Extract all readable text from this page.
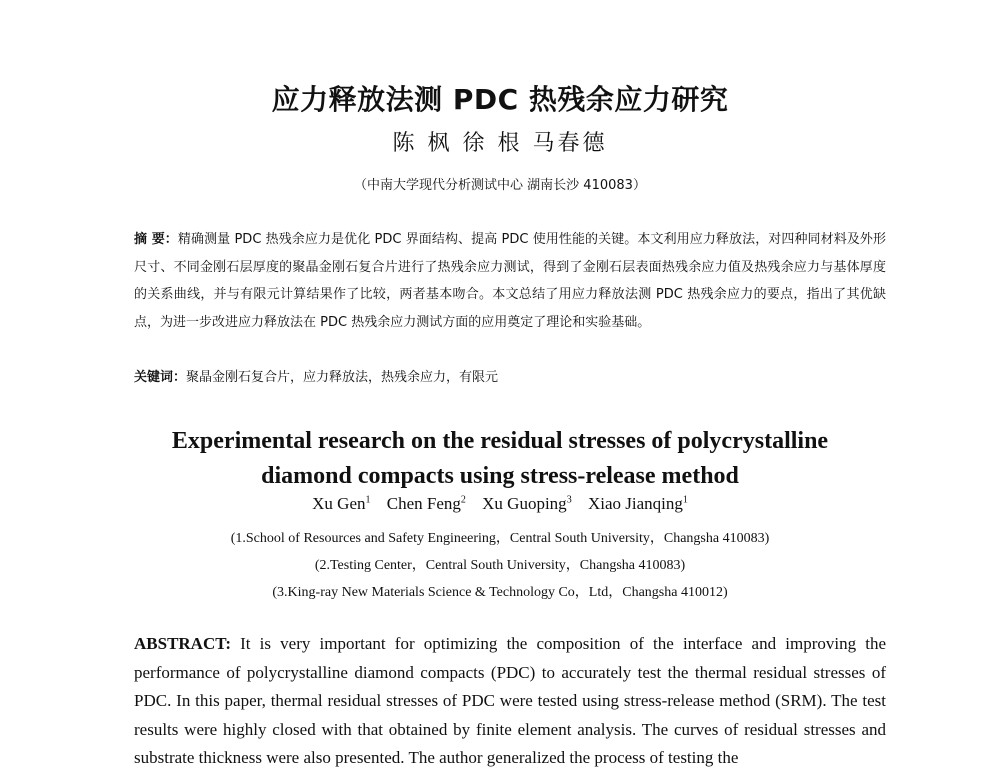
应力释放法测 PDC 热残余应力研究
陈 枫 徐 根 马春德
（中南大学现代分析测试中心 湖南长沙 410083）
摘 要：精确测量 PDC 热残余应力是优化 PDC 界面结构、提高 PDC 使用性能的关键。本文利用应力释放法，对四种同材料及外形尺寸、不同金刚石层厚度的聚晶金刚石复合片进行了热残余应力测试，得到了金刚石层表面热残余应力值及热残余应力与基体厚度的关系曲线，并与有限元计算结果作了比较，两者基本吻合。本文总结了用应力释放法测 PDC 热残余应力的要点，指出了其优缺点，为进一步改进应力释放法在 PDC 热残余应力测试方面的应用奠定了理论和实验基础。
关键词：聚晶金刚石复合片，应力释放法，热残余应力，有限元
Experimental research on the residual stresses of polycrystalline
diamond compacts using stress-release method
Xu Gen$^1$ Chen Feng$^2$ Xu Guoping$^3$ Xiao Jianqing$^1$
(1.School of Resources and Safety Engineering，Central South University，Changsha 410083)
(2.Testing Center，Central South University，Changsha 410083)
(3.King-ray New Materials Science & Technology Co，Ltd，Changsha 410012)
ABSTRACT: It is very important for optimizing the composition of the interface and improving the performance of polycrystalline diamond compacts (PDC) to accurately test the thermal residual stresses of PDC. In this paper, thermal residual stresses of PDC were tested using stress-release method (SRM). The test results were highly closed with that obtained by finite element analysis. The curves of residual stresses and substrate thickness were also presented. The author generalized the process of testing the
